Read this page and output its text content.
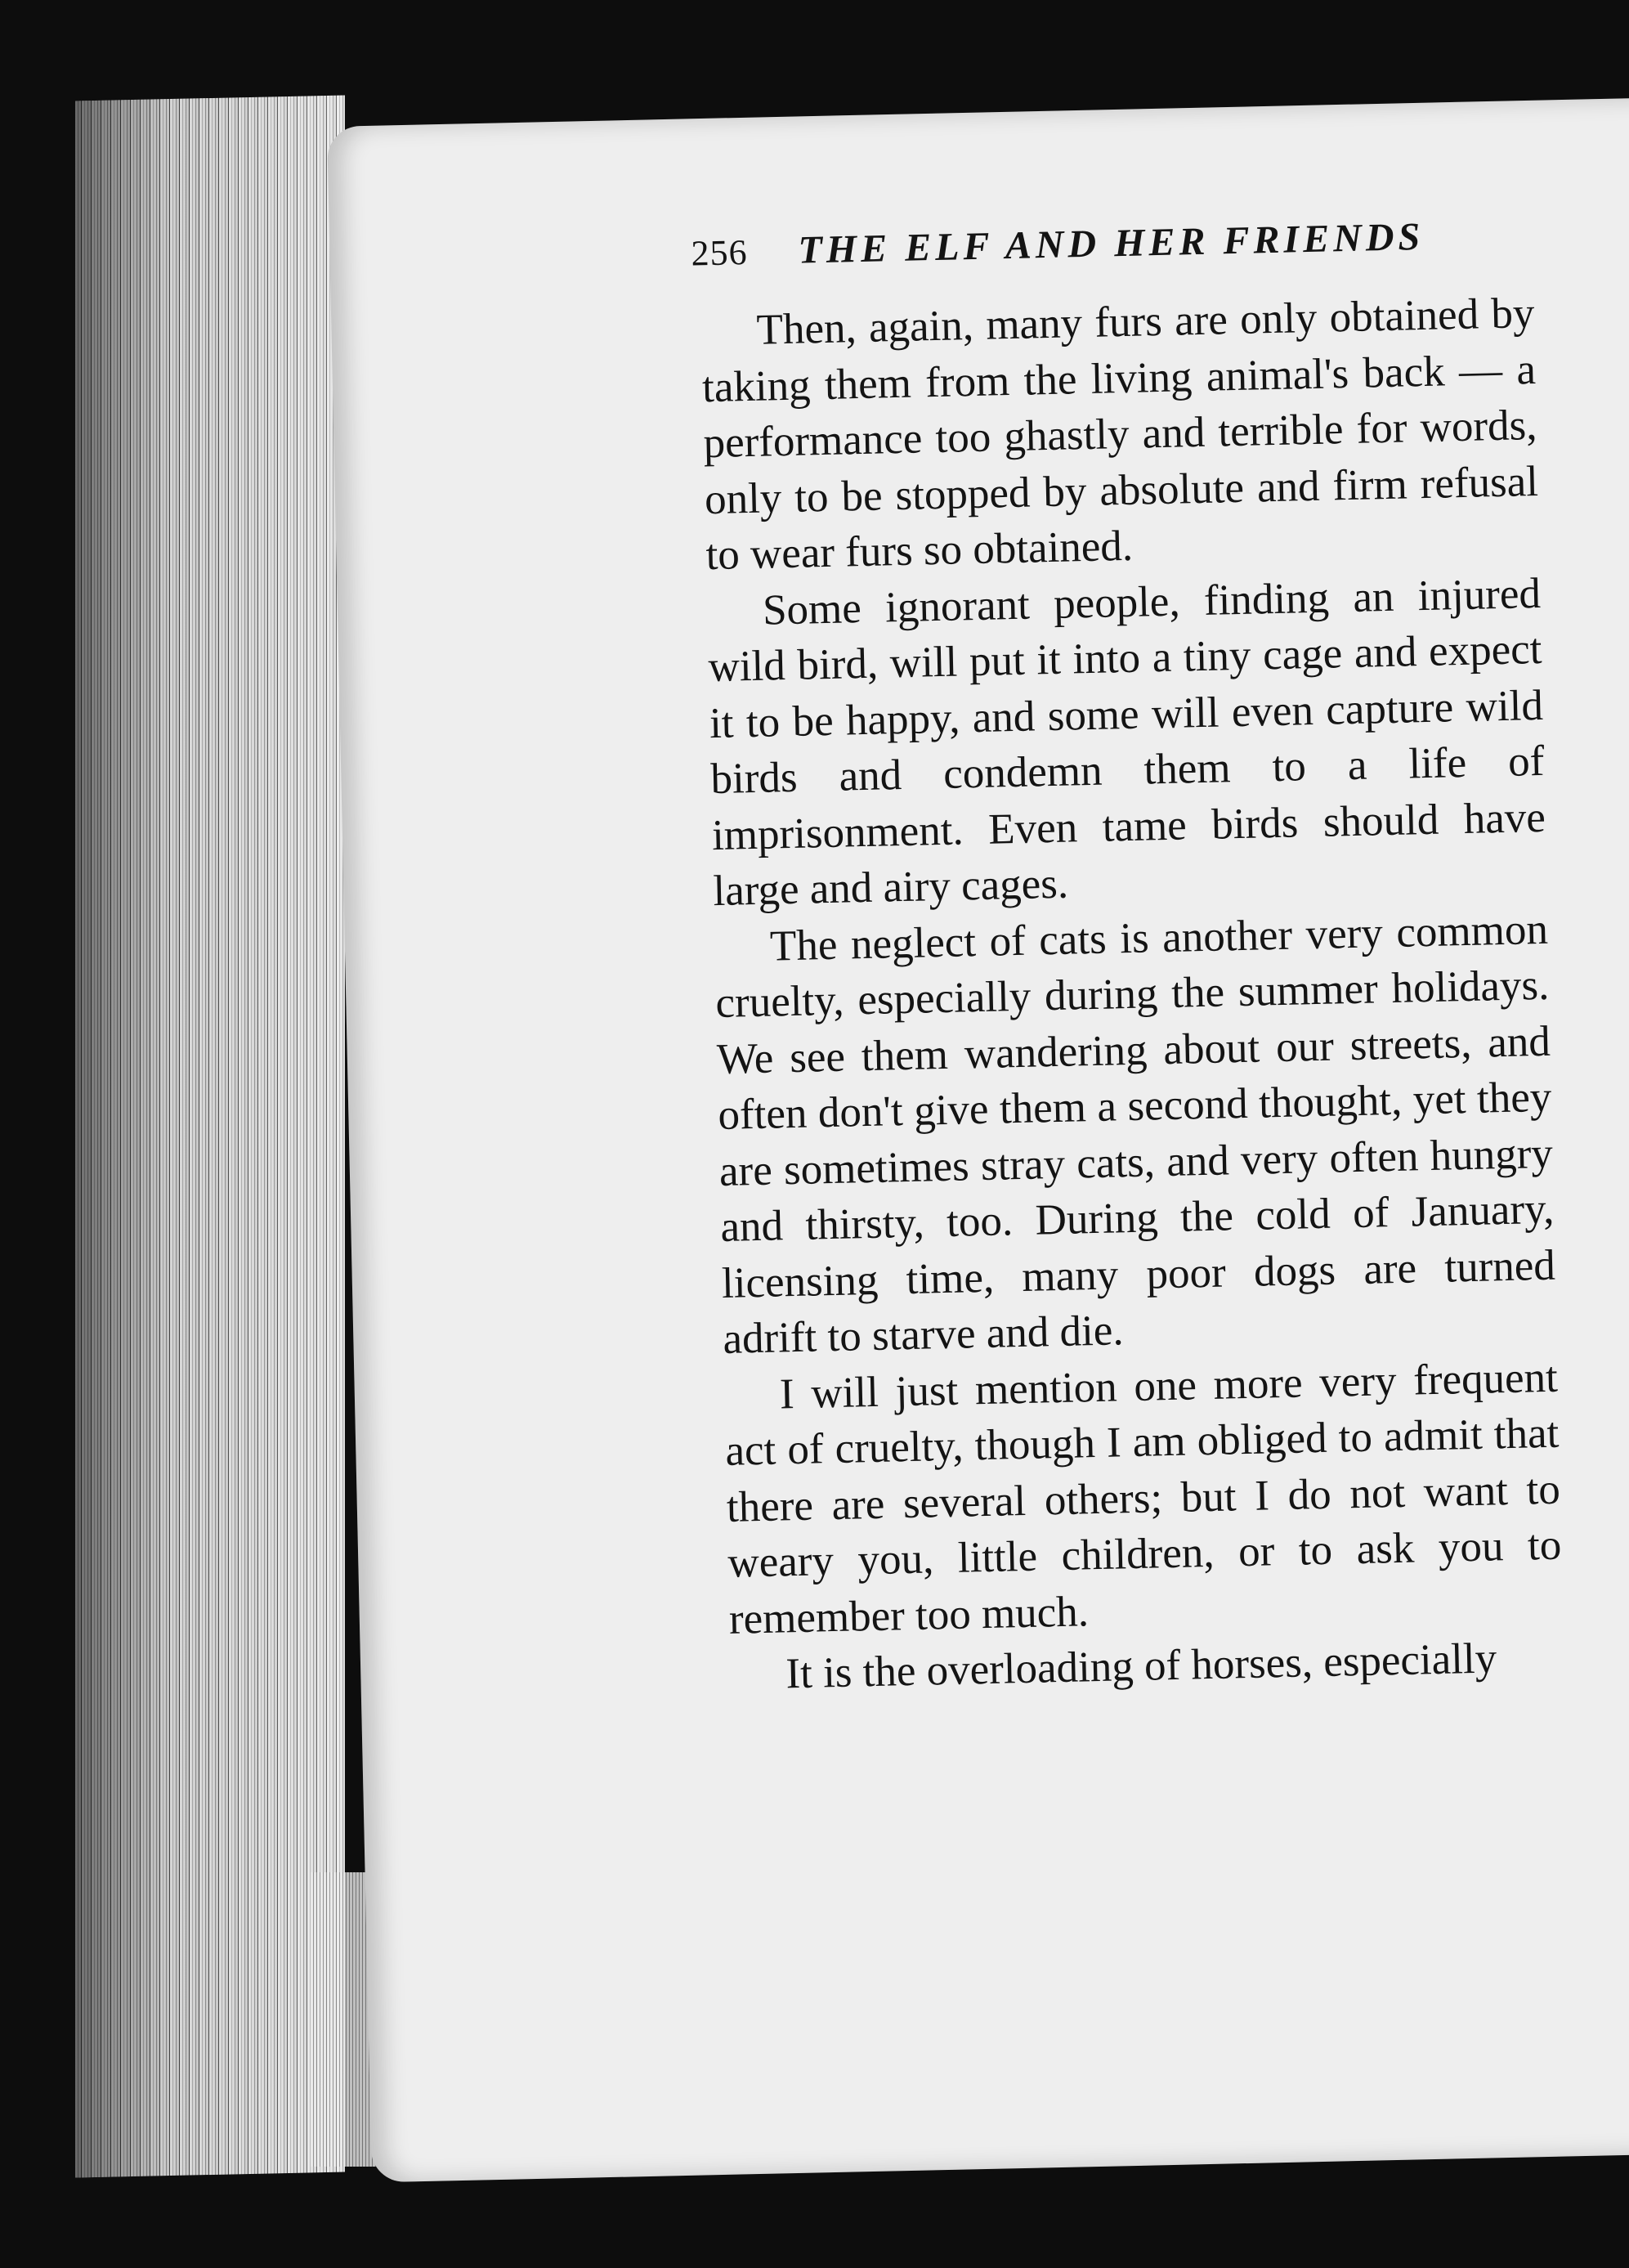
256 THE ELF AND HER FRIENDS

Then, again, many furs are only obtained by taking them from the living animal's back — a performance too ghastly and terrible for words, only to be stopped by absolute and firm refusal to wear furs so obtained.

Some ignorant people, finding an injured wild bird, will put it into a tiny cage and expect it to be happy, and some will even capture wild birds and condemn them to a life of imprisonment. Even tame birds should have large and airy cages.

The neglect of cats is another very common cruelty, especially during the summer holidays. We see them wandering about our streets, and often don't give them a second thought, yet they are sometimes stray cats, and very often hungry and thirsty, too. During the cold of January, licensing time, many poor dogs are turned adrift to starve and die.

I will just mention one more very frequent act of cruelty, though I am obliged to admit that there are several others; but I do not want to weary you, little children, or to ask you to remember too much.

It is the overloading of horses, especially
